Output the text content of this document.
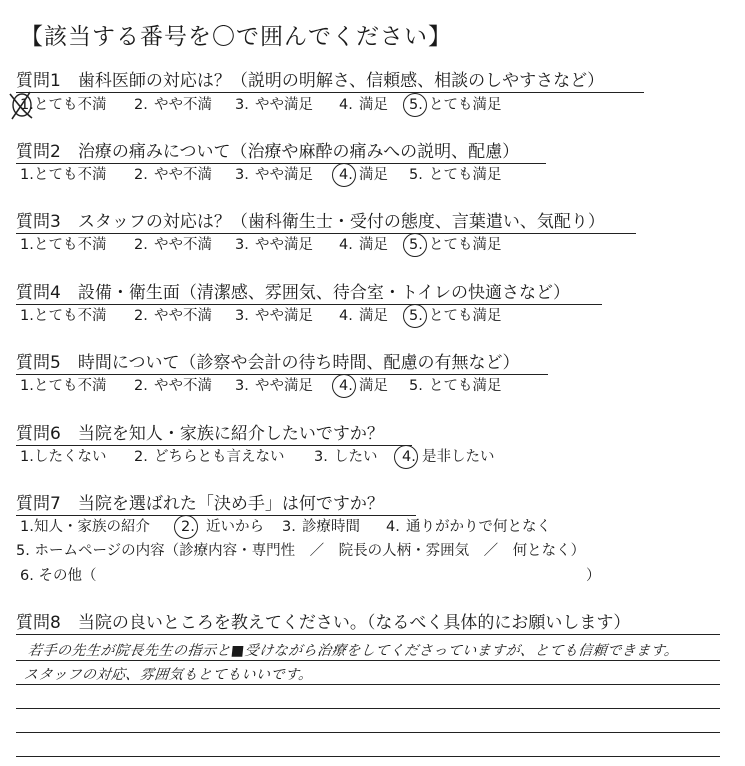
【該当する番号を〇で囲んでください】
質問1　歯科医師の対応は？（説明の明解さ、信頼感、相談のしやすさなど）
1. とても不満 2. やや不満 3. やや満足 4. 満足 5. とても満足
質問2　治療の痛みについて（治療や麻酔の痛みへの説明、配慮）
1. とても不満 2. やや不満 3. やや満足 4. 満足 5. とても満足
質問3　スタッフの対応は？（歯科衛生士・受付の態度、言葉遣い、気配り）
1. とても不満 2. やや不満 3. やや満足 4. 満足 5. とても満足
質問4　設備・衛生面（清潔感、雰囲気、待合室・トイレの快適さなど）
1. とても不満 2. やや不満 3. やや満足 4. 満足 5. とても満足
質問5　時間について（診察や会計の待ち時間、配慮の有無など）
1. とても不満 2. やや不満 3. やや満足 4. 満足 5. とても満足
質問6　当院を知人・家族に紹介したいですか？
1. したくない 2. どちらとも言えない 3. したい 4. 是非したい
質問7　当院を選ばれた「決め手」は何ですか？
1. 知人・家族の紹介 2. 近いから 3. 診療時間 4. 通りがかりで何となく
5. ホームページの内容（診療内容・専門性　／　院長の人柄・雰囲気　／　何となく）
6. その他（	）
質問8　当院の良いところを教えてください。（なるべく具体的にお願いします）
若手の先生が院長先生の指示と■受けながら治療をしてくださっていますが、とても信頼できます。
スタッフの対応、雰囲気もとてもいいです。
